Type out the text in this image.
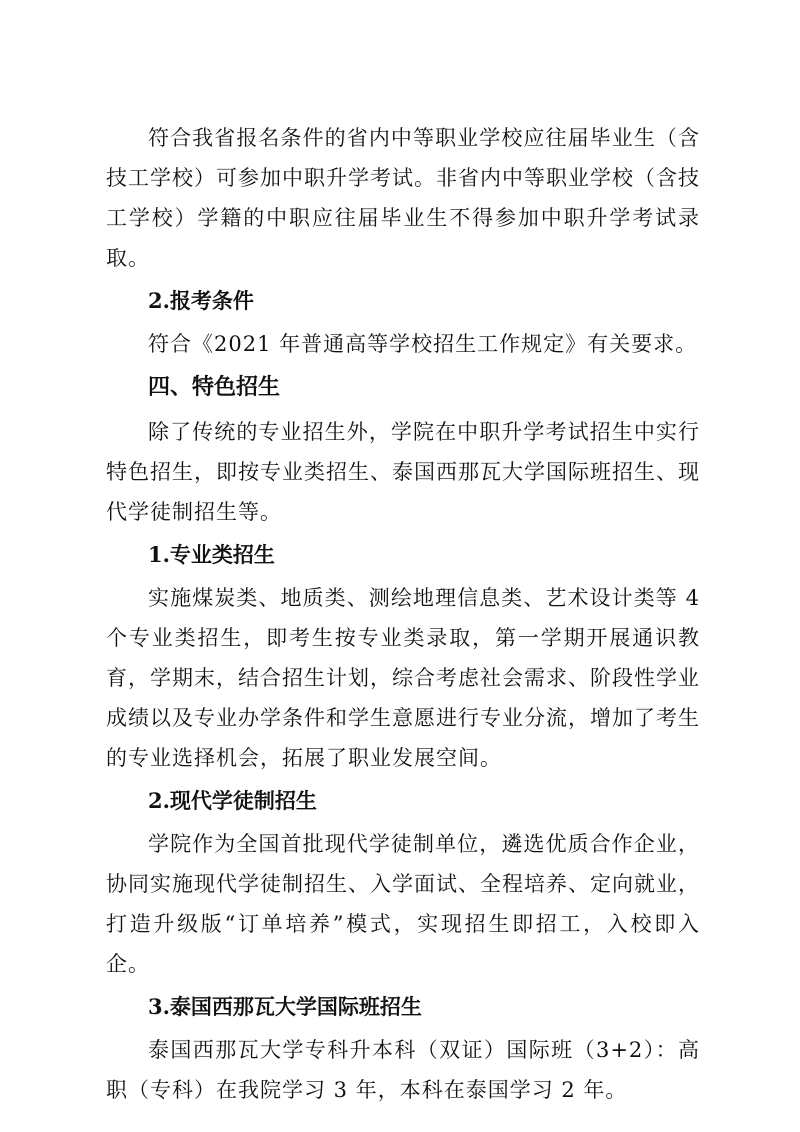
符合我省报名条件的省内中等职业学校应往届毕业生（含技工学校）可参加中职升学考试。非省内中等职业学校（含技工学校）学籍的中职应往届毕业生不得参加中职升学考试录取。

2.报考条件

符合《2021 年普通高等学校招生工作规定》有关要求。

四、特色招生

除了传统的专业招生外，学院在中职升学考试招生中实行特色招生，即按专业类招生、泰国西那瓦大学国际班招生、现代学徒制招生等。

1.专业类招生

实施煤炭类、地质类、测绘地理信息类、艺术设计类等 4 个专业类招生，即考生按专业类录取，第一学期开展通识教育，学期末，结合招生计划，综合考虑社会需求、阶段性学业成绩以及专业办学条件和学生意愿进行专业分流，增加了考生的专业选择机会，拓展了职业发展空间。

2.现代学徒制招生

学院作为全国首批现代学徒制单位，遴选优质合作企业，协同实施现代学徒制招生、入学面试、全程培养、定向就业，打造升级版“订单培养”模式，实现招生即招工，入校即入企。

3.泰国西那瓦大学国际班招生

泰国西那瓦大学专科升本科（双证）国际班（3+2）：高职（专科）在我院学习 3 年，本科在泰国学习 2 年。
